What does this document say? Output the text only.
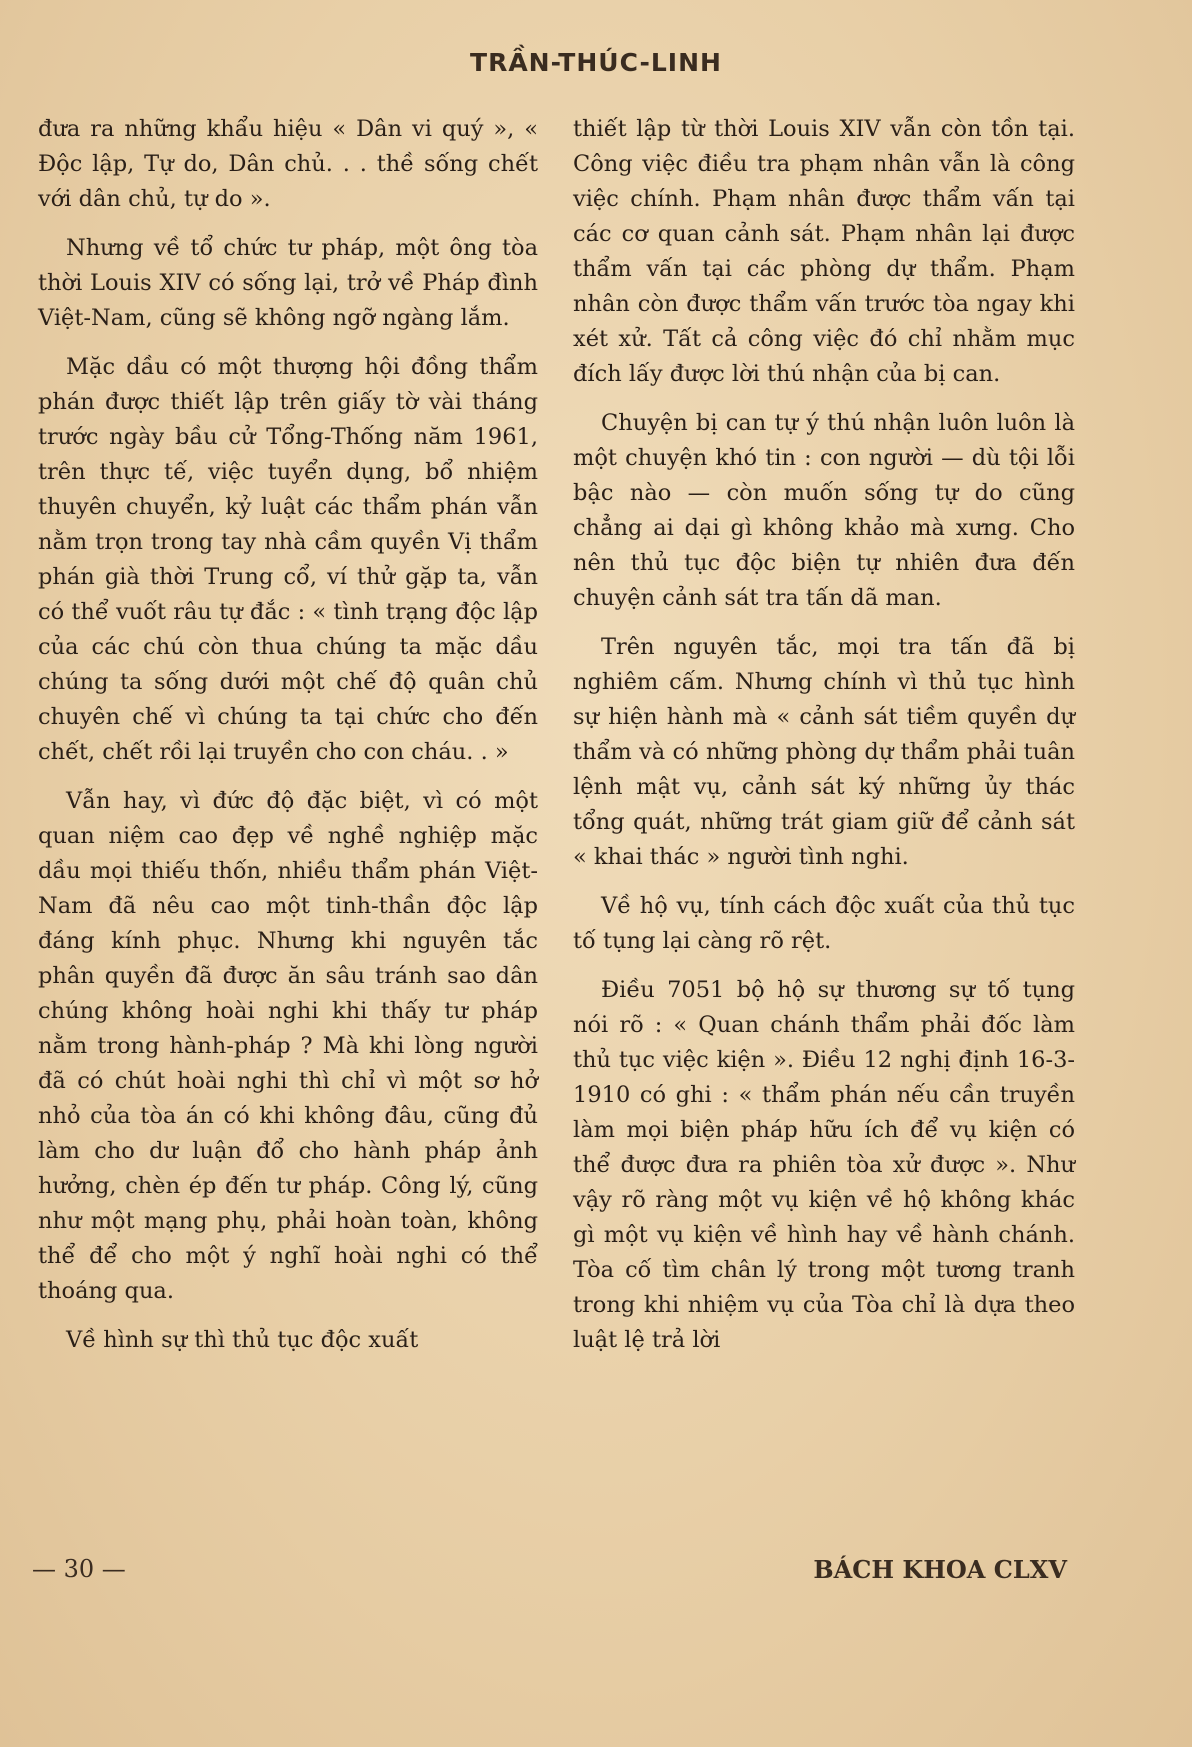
TRẦN-THÚC-LINH

đưa ra những khẩu hiệu « Dân vi quý », « Độc lập, Tự do, Dân chủ. . . thề sống chết với dân chủ, tự do ».

Nhưng về tổ chức tư pháp, một ông tòa thời Louis XIV có sống lại, trở về Pháp đình Việt-Nam, cũng sẽ không ngỡ ngàng lắm.

Mặc dầu có một thượng hội đồng thẩm phán được thiết lập trên giấy tờ vài tháng trước ngày bầu cử Tổng-Thống năm 1961, trên thực tế, việc tuyển dụng, bổ nhiệm thuyên chuyển, kỷ luật các thẩm phán vẫn nằm trọn trong tay nhà cầm quyền Vị thẩm phán già thời Trung cổ, ví thử gặp ta, vẫn có thể vuốt râu tự đắc : « tình trạng độc lập của các chú còn thua chúng ta mặc dầu chúng ta sống dưới một chế độ quân chủ chuyên chế vì chúng ta tại chức cho đến chết, chết rồi lại truyền cho con cháu. . »

Vẫn hay, vì đức độ đặc biệt, vì có một quan niệm cao đẹp về nghề nghiệp mặc dầu mọi thiếu thốn, nhiều thẩm phán Việt-Nam đã nêu cao một tinh-thần độc lập đáng kính phục. Nhưng khi nguyên tắc phân quyền đã được ăn sâu tránh sao dân chúng không hoài nghi khi thấy tư pháp nằm trong hành-pháp ? Mà khi lòng người đã có chút hoài nghi thì chỉ vì một sơ hở nhỏ của tòa án có khi không đâu, cũng đủ làm cho dư luận đổ cho hành pháp ảnh hưởng, chèn ép đến tư pháp. Công lý, cũng như một mạng phụ, phải hoàn toàn, không thể để cho một ý nghĩ hoài nghi có thể thoáng qua.

Về hình sự thì thủ tục độc xuất

thiết lập từ thời Louis XIV vẫn còn tồn tại. Công việc điều tra phạm nhân vẫn là công việc chính. Phạm nhân được thẩm vấn tại các cơ quan cảnh sát. Phạm nhân lại được thẩm vấn tại các phòng dự thẩm. Phạm nhân còn được thẩm vấn trước tòa ngay khi xét xử. Tất cả công việc đó chỉ nhằm mục đích lấy được lời thú nhận của bị can.

Chuyện bị can tự ý thú nhận luôn luôn là một chuyện khó tin : con người — dù tội lỗi bậc nào — còn muốn sống tự do cũng chẳng ai dại gì không khảo mà xưng. Cho nên thủ tục độc biện tự nhiên đưa đến chuyện cảnh sát tra tấn dã man.

Trên nguyên tắc, mọi tra tấn đã bị nghiêm cấm. Nhưng chính vì thủ tục hình sự hiện hành mà « cảnh sát tiềm quyền dự thẩm và có những phòng dự thẩm phải tuân lệnh mật vụ, cảnh sát ký những ủy thác tổng quát, những trát giam giữ để cảnh sát « khai thác » người tình nghi.

Về hộ vụ, tính cách độc xuất của thủ tục tố tụng lại càng rõ rệt.

Điều 7051 bộ hộ sự thương sự tố tụng nói rõ : « Quan chánh thẩm phải đốc làm thủ tục việc kiện ». Điều 12 nghị định 16-3-1910 có ghi : « thẩm phán nếu cần truyền làm mọi biện pháp hữu ích để vụ kiện có thể được đưa ra phiên tòa xử được ». Như vậy rõ ràng một vụ kiện về hộ không khác gì một vụ kiện về hình hay về hành chánh. Tòa cố tìm chân lý trong một tương tranh trong khi nhiệm vụ của Tòa chỉ là dựa theo luật lệ trả lời

— 30 —	BÁCH KHOA CLXV
